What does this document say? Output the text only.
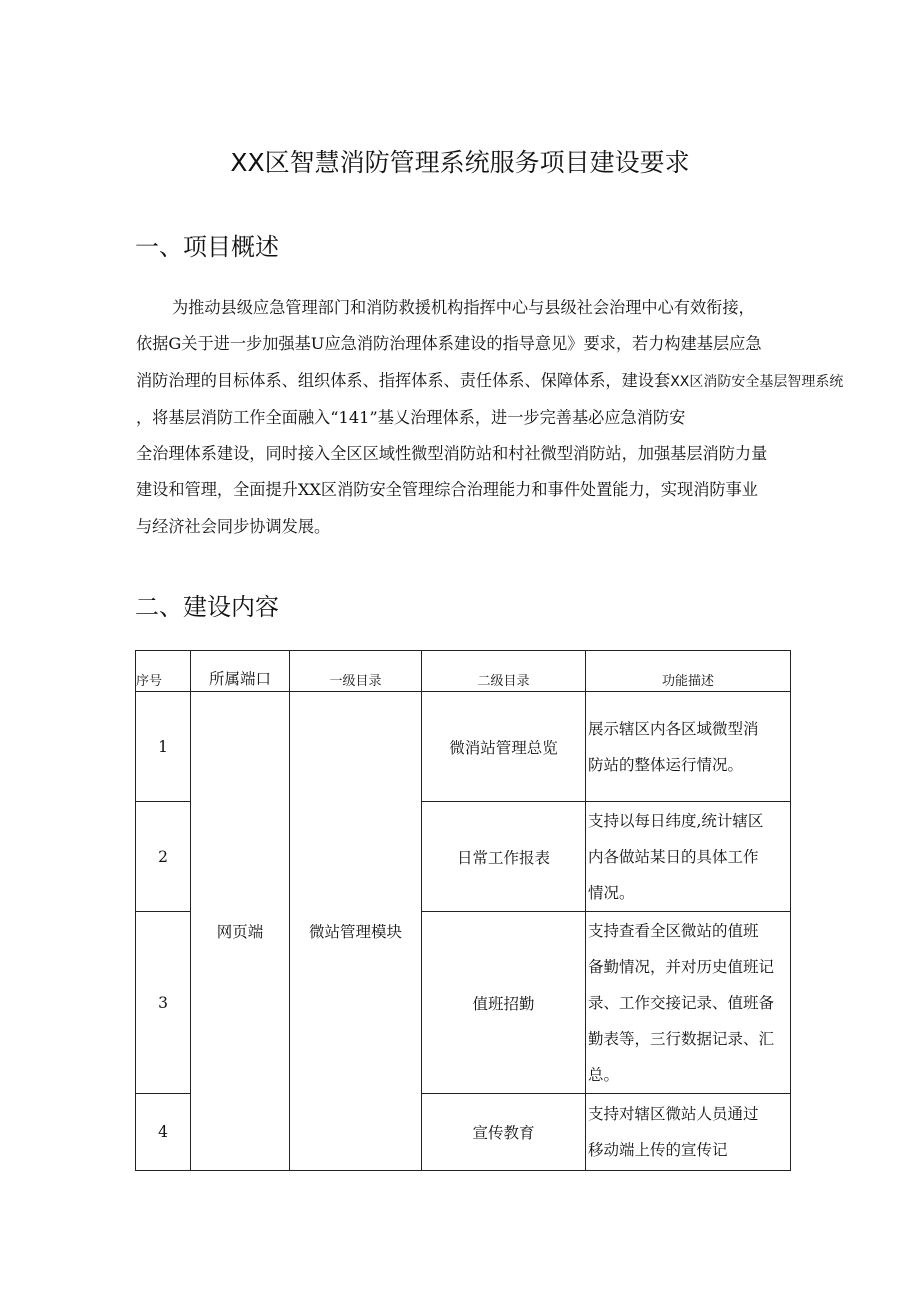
XX区智慧消防管理系统服务项目建设要求
一、项目概述
为推动县级应急管理部门和消防救援机构指挥中心与县级社会治理中心有效衔接，
依据G关于进一步加强基U应急消防治理体系建设的指导意见》要求，若力构建基层应急
消防治理的目标体系、组织体系、指挥体系、责任体系、保障体系，建设套XX区消防安全基层智理系统
，将基层消防工作全面融入“141”基乂治理体系，进一步完善基必应急消防安
全治理体系建设，同时接入全区区域性微型消防站和村社微型消防站，加强基层消防力量
建设和管理，全面提升XX区消防安全管理综合治理能力和事件处置能力，实现消防事业
与经济社会同步协调发展。
二、建设内容
序号	所属端口	一级目录	二级目录	功能描述
1	网页端	微站管理模块	微消站管理总览	展示辖区内各区域微型消
防站的整体运行情况。

2			日常工作报表	支持以每日纬度,统计辖区
内各做站某日的具体工作
情况。

3			值班招勤	支持查看全区微站的值班
备勤情况，并对历史值班记
录、工作交接记录、值班备
勤表等，三行数据记录、汇
总。

4			宣传教育	支持对辖区微站人员通过
移动端上传的宣传记
